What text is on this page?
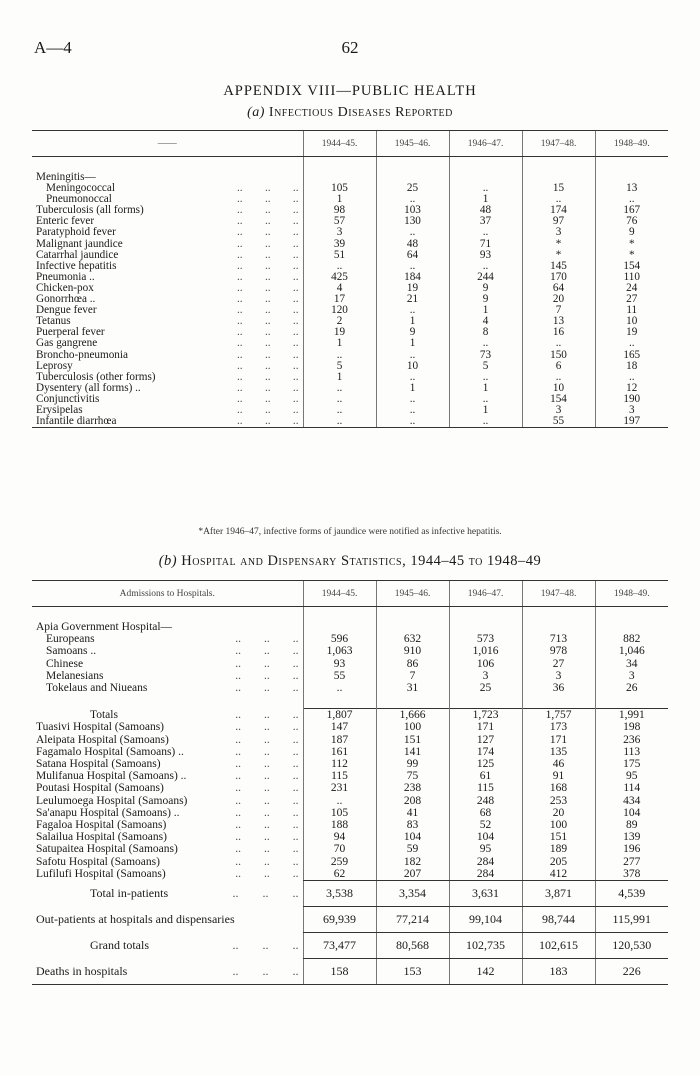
A—4	62
APPENDIX VIII—PUBLIC HEALTH
(a) Infectious Diseases Reported
——	1944–45.	1945–46.	1946–47.	1947–48.	1948–49.

Meningitis—					

Meningococcal ..  ..  ..	105	25	..	15	13

Pneumonoccal ..  ..  ..	1	..	1	..	..

Tuberculosis (all forms) ..  ..  ..	98	103	48	174	167

Enteric fever ..  ..  ..	57	130	37	97	76

Paratyphoid fever ..  ..  ..	3	..	..	3	9

Malignant jaundice ..  ..  ..	39	48	71	*	*

Catarrhal jaundice ..  ..  ..	51	64	93	*	*

Infective hepatitis ..  ..  ..	..	..	..	145	154

Pneumonia .. ..  ..  ..	425	184	244	170	110

Chicken-pox ..  ..  ..	4	19	9	64	24

Gonorrhœa .. ..  ..  ..	17	21	9	20	27

Dengue fever ..  ..  ..	120	..	1	7	11

Tetanus ..  ..  ..	2	1	4	13	10

Puerperal fever ..  ..  ..	19	9	8	16	19

Gas gangrene ..  ..  ..	1	1	..	..	..

Broncho-pneumonia ..  ..  ..	..	..	73	150	165

Leprosy ..  ..  ..	5	10	5	6	18

Tuberculosis (other forms) ..  ..  ..	1	..	..	..	..

Dysentery (all forms) .. ..  ..  ..	..	1	1	10	12

Conjunctivitis ..  ..  ..	..	..	..	154	190

Erysipelas ..  ..  ..	..	..	1	3	3

Infantile diarrhœa ..  ..  ..	..	..	..	55	197
*After 1946–47, infective forms of jaundice were notified as infective hepatitis.
(b) Hospital and Dispensary Statistics, 1944–45 to 1948–49
Admissions to Hospitals.	1944–45.	1945–46.	1946–47.	1947–48.	1948–49.

Apia Government Hospital—					

Europeans ..  ..  ..	596	632	573	713	882

Samoans .. ..  ..  ..	1,063	910	1,016	978	1,046

Chinese ..  ..  ..	93	86	106	27	34

Melanesians ..  ..  ..	55	7	3	3	3

Tokelaus and Niueans ..  ..  ..	..	31	25	36	26

Totals ..  ..  ..	1,807	1,666	1,723	1,757	1,991

Tuasivi Hospital (Samoans) ..  ..  ..	147	100	171	173	198

Aleipata Hospital (Samoans) ..  ..  ..	187	151	127	171	236

Fagamalo Hospital (Samoans) .. ..  ..  ..	161	141	174	135	113

Satana Hospital (Samoans) ..  ..  ..	112	99	125	46	175

Mulifanua Hospital (Samoans) .. ..  ..  ..	115	75	61	91	95

Poutasi Hospital (Samoans) ..  ..  ..	231	238	115	168	114

Leulumoega Hospital (Samoans) ..  ..  ..	..	208	248	253	434

Sa'anapu Hospital (Samoans) .. ..  ..  ..	105	41	68	20	104

Fagaloa Hospital (Samoans) ..  ..  ..	188	83	52	100	89

Salailua Hospital (Samoans) ..  ..  ..	94	104	104	151	139

Satupaitea Hospital (Samoans) ..  ..  ..	70	59	95	189	196

Safotu Hospital (Samoans) ..  ..  ..	259	182	284	205	277

Lufilufi Hospital (Samoans) ..  ..  ..	62	207	284	412	378

Total in-patients ..  ..  ..	3,538	3,354	3,631	3,871	4,539

Out-patients at hospitals and dispensaries	69,939	77,214	99,104	98,744	115,991

Grand totals ..  ..  ..	73,477	80,568	102,735	102,615	120,530

Deaths in hospitals ..  ..  ..	158	153	142	183	226
